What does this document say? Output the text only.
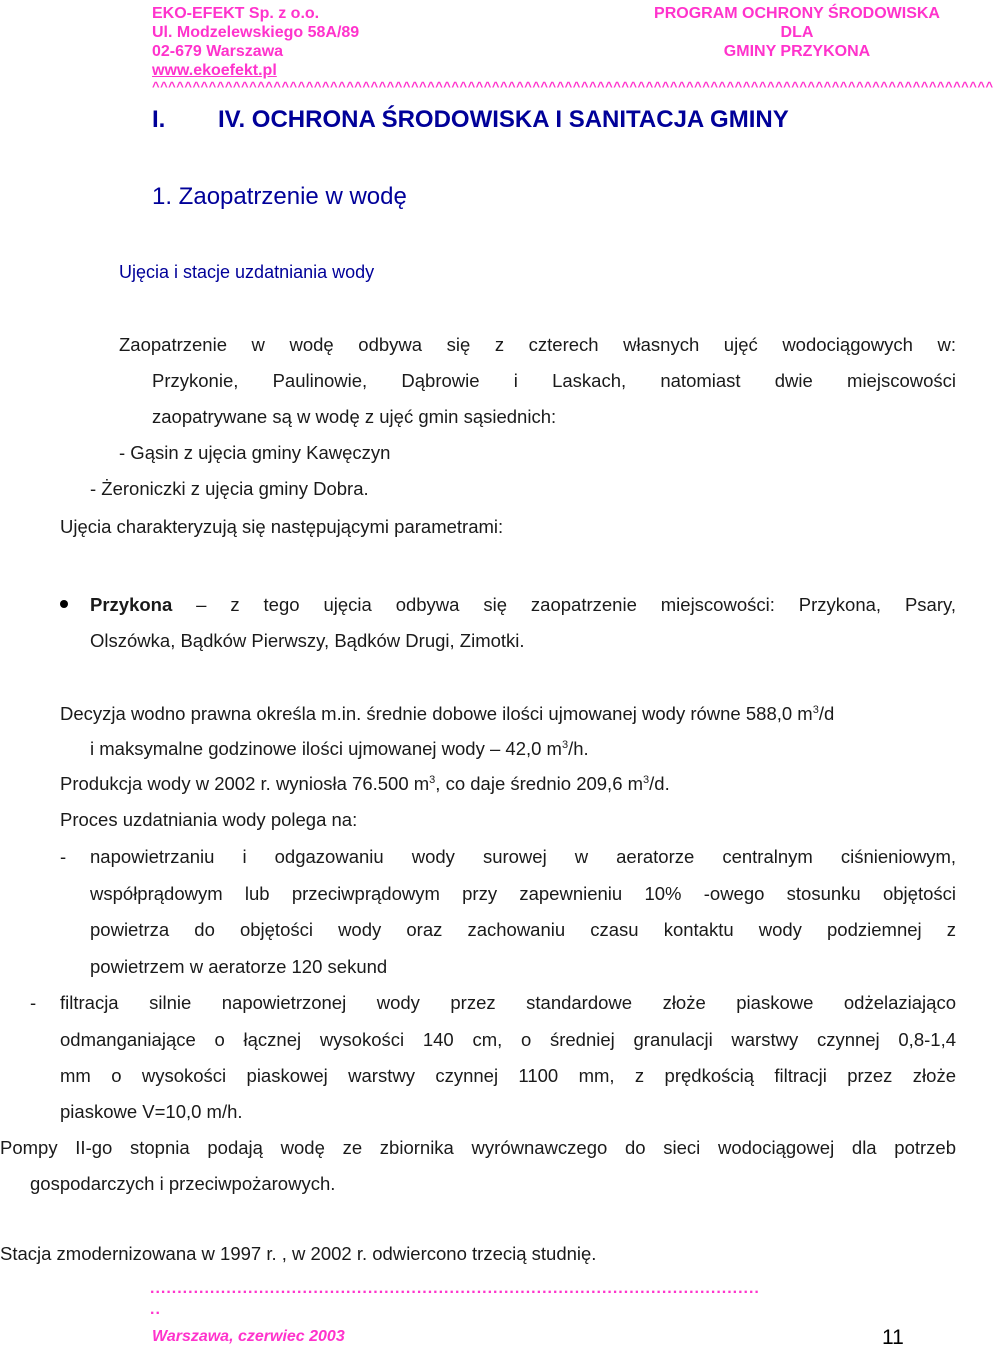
EKO-EFEKT Sp. z o.o.
Ul. Modzelewskiego 58A/89
02-679 Warszawa
www.ekoefekt.pl
PROGRAM OCHRONY ŚRODOWISKA
DLA
GMINY PRZYKONA
^^^^^^^^^^^^^^^^^^^^^^^^^^^^^^^^^^^^^^^^^^^^^^^^^^^^^^^^^^^^^^^^^^^^^^^^^^^^^^^^^^^^^^^^^^^^^^^^^^^^^^^^
I. IV. OCHRONA ŚRODOWISKA I SANITACJA GMINY
1. Zaopatrzenie w wodę
Ujęcia i stacje uzdatniania wody
Zaopatrzenie w wodę odbywa się z czterech własnych ujęć wodociągowych w:
Przykonie, Paulinowie, Dąbrowie i Laskach, natomiast dwie miejscowości
zaopatrywane są w wodę z ujęć gmin sąsiednich:
- Gąsin z ujęcia gminy Kawęczyn
- Żeroniczki z ujęcia gminy Dobra.
Ujęcia charakteryzują się następującymi parametrami:
Przykona – z tego ujęcia odbywa się zaopatrzenie miejscowości: Przykona, Psary,
Olszówka, Bądków Pierwszy, Bądków Drugi, Zimotki.
Decyzja wodno prawna określa m.in. średnie dobowe ilości ujmowanej wody równe 588,0 $m^3/d$
i maksymalne godzinowe ilości ujmowanej wody – 42,0 $m^3/h$.
Produkcja wody w 2002 r. wyniosła 76.500 $m^3$, co daje średnio 209,6 $m^3/d$.
Proces uzdatniania wody polega na:
- napowietrzaniu i odgazowaniu wody surowej w aeratorze centralnym ciśnieniowym,
współprądowym lub przeciwprądowym przy zapewnieniu 10% -owego stosunku objętości
powietrza do objętości wody oraz zachowaniu czasu kontaktu wody podziemnej z
powietrzem w aeratorze 120 sekund
- filtracja silnie napowietrzonej wody przez standardowe złoże piaskowe odżelaziająco
odmanganiające o łącznej wysokości 140 cm, o średniej granulacji warstwy czynnej 0,8-1,4
mm o wysokości piaskowej warstwy czynnej 1100 mm, z prędkością filtracji przez złoże
piaskowe V=10,0 m/h.
Pompy II-go stopnia podają wodę ze zbiornika wyrównawczego do sieci wodociągowej dla potrzeb
gospodarczych i przeciwpożarowych.
Stacja zmodernizowana w 1997 r. , w 2002 r. odwiercono trzecią studnię.
................................................................................................................
..
Warszawa, czerwiec 2003	11
